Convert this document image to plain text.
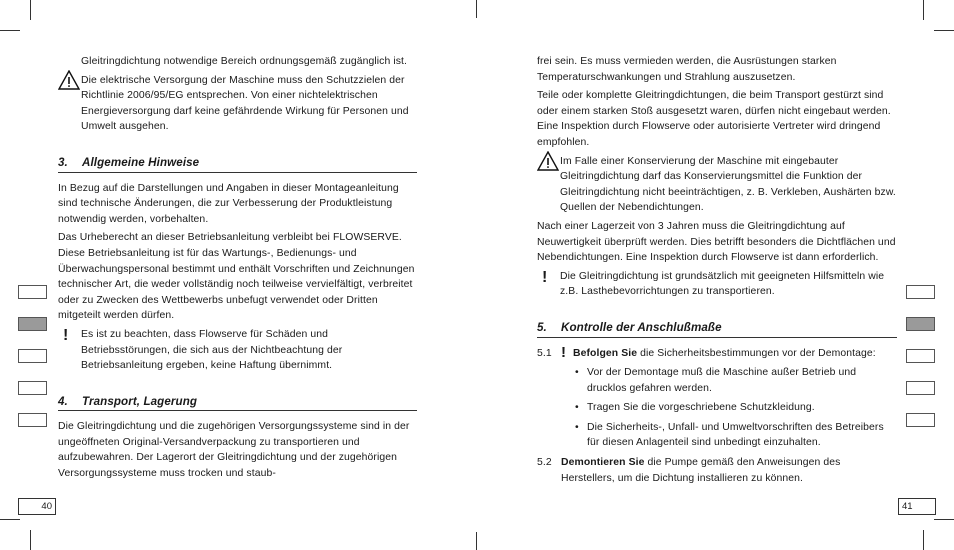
Gleitringdichtung notwendige Bereich ordnungsgemäß zugänglich ist.
Die elektrische Versorgung der Maschine muss den Schutzzielen der Richtlinie 2006/95/EG entsprechen. Von einer nichtelektrischen Energieversorgung darf keine gefährdende Wirkung für Personen und Umwelt ausgehen.
3. Allgemeine Hinweise
In Bezug auf die Darstellungen und Angaben in dieser Montageanleitung sind technische Änderungen, die zur Verbesserung der Produktleistung notwendig werden, vorbehalten.
Das Urheberecht an dieser Betriebsanleitung verbleibt bei FLOWSERVE. Diese Betriebsanleitung ist für das Wartungs-, Bedienungs- und Überwachungspersonal bestimmt und enthält Vorschriften und Zeichnungen technischer Art, die weder vollständig noch teilweise vervielfältigt, verbreitet oder zu Zwecken des Wettbewerbs unbefugt verwendet oder Dritten mitgeteilt werden dürfen.
! Es ist zu beachten, dass Flowserve für Schäden und Betriebsstörungen, die sich aus der Nichtbeachtung der Betriebsanleitung ergeben, keine Haftung übernimmt.
4. Transport, Lagerung
Die Gleitringdichtung und die zugehörigen Versorgungssysteme sind in der ungeöffneten Original-Versandverpackung zu transportieren und aufzubewahren. Der Lagerort der Gleitringdichtung und der zugehörigen Versorgungssysteme muss trocken und staub-
40
frei sein. Es muss vermieden werden, die Ausrüstungen starken Temperaturschwankungen und Strahlung auszusetzen.
Teile oder komplette Gleitringdichtungen, die beim Transport gestürzt sind oder einem starken Stoß ausgesetzt waren, dürfen nicht eingebaut werden. Eine Inspektion durch Flowserve oder autorisierte Vertreter wird dringend empfohlen.
Im Falle einer Konservierung der Maschine mit eingebauter Gleitringdichtung darf das Konservierungsmittel die Funktion der Gleitringdichtung nicht beeinträchtigen, z. B. Verkleben, Aushärten bzw. Quellen der Nebendichtungen.
Nach einer Lagerzeit von 3 Jahren muss die Gleitringdichtung auf Neuwertigkeit überprüft werden. Dies betrifft besonders die Dichtflächen und Nebendichtungen. Eine Inspektion durch Flowserve ist dann erforderlich.
! Die Gleitringdichtung ist grundsätzlich mit geeigneten Hilfsmitteln wie z.B. Lasthebevorrichtungen zu transportieren.
5. Kontrolle der Anschlußmaße
5.1 ! Befolgen Sie die Sicherheitsbestimmungen vor der Demontage:
• Vor der Demontage muß die Maschine außer Betrieb und drucklos gefahren werden.
• Tragen Sie die vorgeschriebene Schutzkleidung.
• Die Sicherheits-, Unfall- und Umweltvorschriften des Betreibers für diesen Anlagenteil sind unbedingt einzuhalten.
5.2 Demontieren Sie die Pumpe gemäß den Anweisungen des Herstellers, um die Dichtung installieren zu können.
41
